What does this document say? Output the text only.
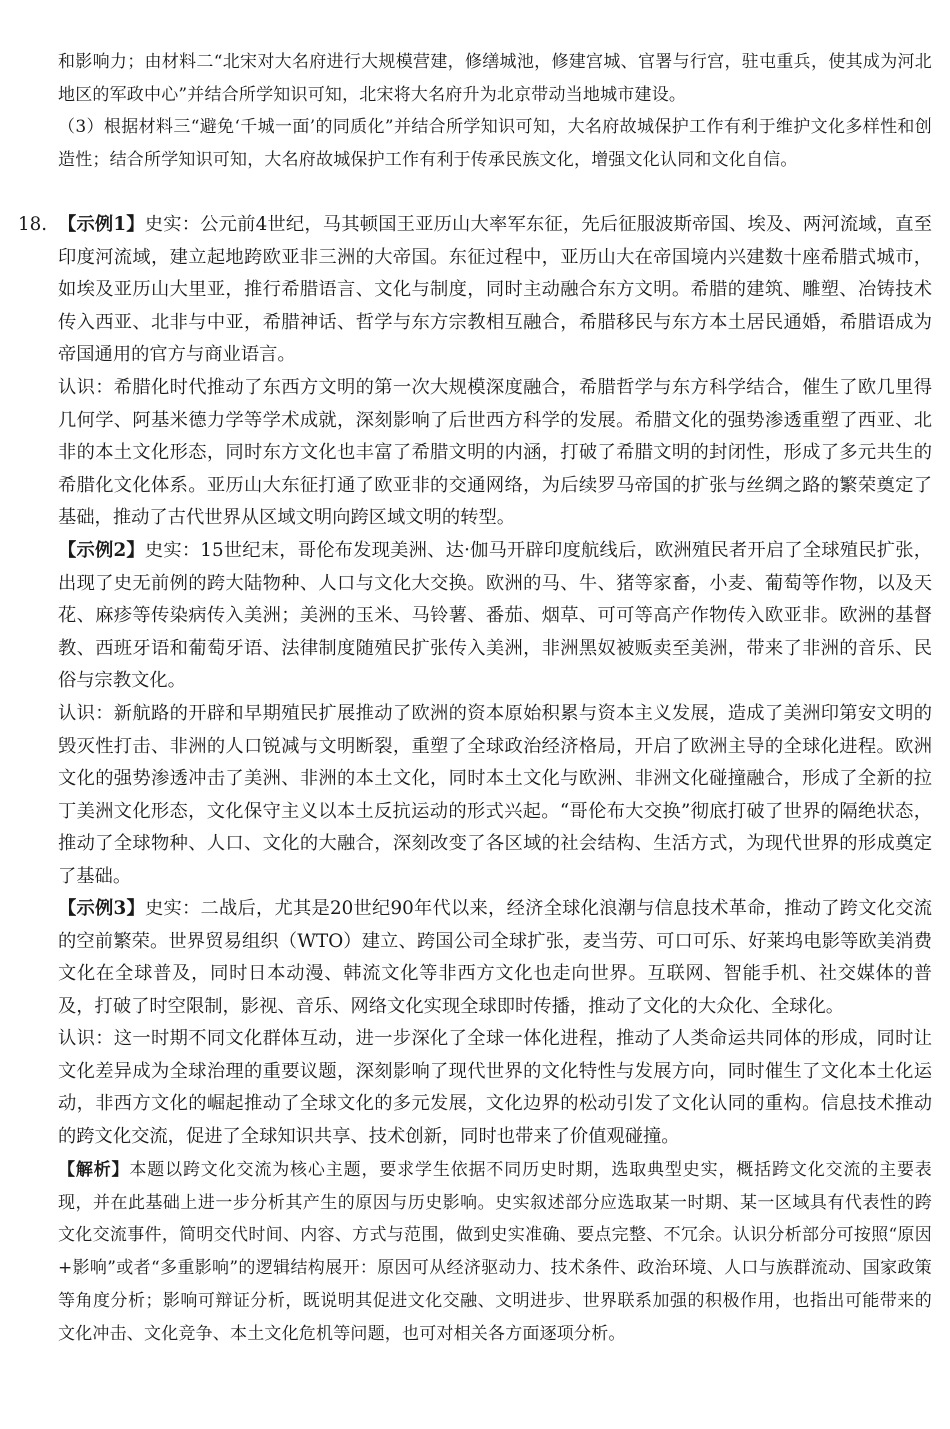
和影响力；由材料二“北宋对大名府进行大规模营建，修缮城池，修建宫城、官署与行宫，驻屯重兵，使其成为河北地区的军政中心”并结合所学知识可知，北宋将大名府升为北京带动当地城市建设。

（3）根据材料三“避免‘千城一面’的同质化”并结合所学知识可知，大名府故城保护工作有利于维护文化多样性和创造性；结合所学知识可知，大名府故城保护工作有利于传承民族文化，增强文化认同和文化自信。

18. 【示例1】史实：公元前4世纪，马其顿国王亚历山大率军东征，先后征服波斯帝国、埃及、两河流域，直至印度河流域，建立起地跨欧亚非三洲的大帝国。东征过程中，亚历山大在帝国境内兴建数十座希腊式城市，如埃及亚历山大里亚，推行希腊语言、文化与制度，同时主动融合东方文明。希腊的建筑、雕塑、冶铸技术传入西亚、北非与中亚，希腊神话、哲学与东方宗教相互融合，希腊移民与东方本土居民通婚，希腊语成为帝国通用的官方与商业语言。

认识：希腊化时代推动了东西方文明的第一次大规模深度融合，希腊哲学与东方科学结合，催生了欧几里得几何学、阿基米德力学等学术成就，深刻影响了后世西方科学的发展。希腊文化的强势渗透重塑了西亚、北非的本土文化形态，同时东方文化也丰富了希腊文明的内涵，打破了希腊文明的封闭性，形成了多元共生的希腊化文化体系。亚历山大东征打通了欧亚非的交通网络，为后续罗马帝国的扩张与丝绸之路的繁荣奠定了基础，推动了古代世界从区域文明向跨区域文明的转型。

【示例2】史实：15世纪末，哥伦布发现美洲、达·伽马开辟印度航线后，欧洲殖民者开启了全球殖民扩张，出现了史无前例的跨大陆物种、人口与文化大交换。欧洲的马、牛、猪等家畜，小麦、葡萄等作物，以及天花、麻疹等传染病传入美洲；美洲的玉米、马铃薯、番茄、烟草、可可等高产作物传入欧亚非。欧洲的基督教、西班牙语和葡萄牙语、法律制度随殖民扩张传入美洲，非洲黑奴被贩卖至美洲，带来了非洲的音乐、民俗与宗教文化。

认识：新航路的开辟和早期殖民扩展推动了欧洲的资本原始积累与资本主义发展，造成了美洲印第安文明的毁灭性打击、非洲的人口锐减与文明断裂，重塑了全球政治经济格局，开启了欧洲主导的全球化进程。欧洲文化的强势渗透冲击了美洲、非洲的本土文化，同时本土文化与欧洲、非洲文化碰撞融合，形成了全新的拉丁美洲文化形态，文化保守主义以本土反抗运动的形式兴起。“哥伦布大交换”彻底打破了世界的隔绝状态，推动了全球物种、人口、文化的大融合，深刻改变了各区域的社会结构、生活方式，为现代世界的形成奠定了基础。

【示例3】史实：二战后，尤其是20世纪90年代以来，经济全球化浪潮与信息技术革命，推动了跨文化交流的空前繁荣。世界贸易组织（WTO）建立、跨国公司全球扩张，麦当劳、可口可乐、好莱坞电影等欧美消费文化在全球普及，同时日本动漫、韩流文化等非西方文化也走向世界。互联网、智能手机、社交媒体的普及，打破了时空限制，影视、音乐、网络文化实现全球即时传播，推动了文化的大众化、全球化。

认识：这一时期不同文化群体互动，进一步深化了全球一体化进程，推动了人类命运共同体的形成，同时让文化差异成为全球治理的重要议题，深刻影响了现代世界的文化特性与发展方向，同时催生了文化本土化运动，非西方文化的崛起推动了全球文化的多元发展，文化边界的松动引发了文化认同的重构。信息技术推动的跨文化交流，促进了全球知识共享、技术创新，同时也带来了价值观碰撞。

【解析】本题以跨文化交流为核心主题，要求学生依据不同历史时期，选取典型史实，概括跨文化交流的主要表现，并在此基础上进一步分析其产生的原因与历史影响。史实叙述部分应选取某一时期、某一区域具有代表性的跨文化交流事件，简明交代时间、内容、方式与范围，做到史实准确、要点完整、不冗余。认识分析部分可按照“原因+影响”或者“多重影响”的逻辑结构展开：原因可从经济驱动力、技术条件、政治环境、人口与族群流动、国家政策等角度分析；影响可辩证分析，既说明其促进文化交融、文明进步、世界联系加强的积极作用，也指出可能带来的文化冲击、文化竞争、本土文化危机等问题，也可对相关各方面逐项分析。
